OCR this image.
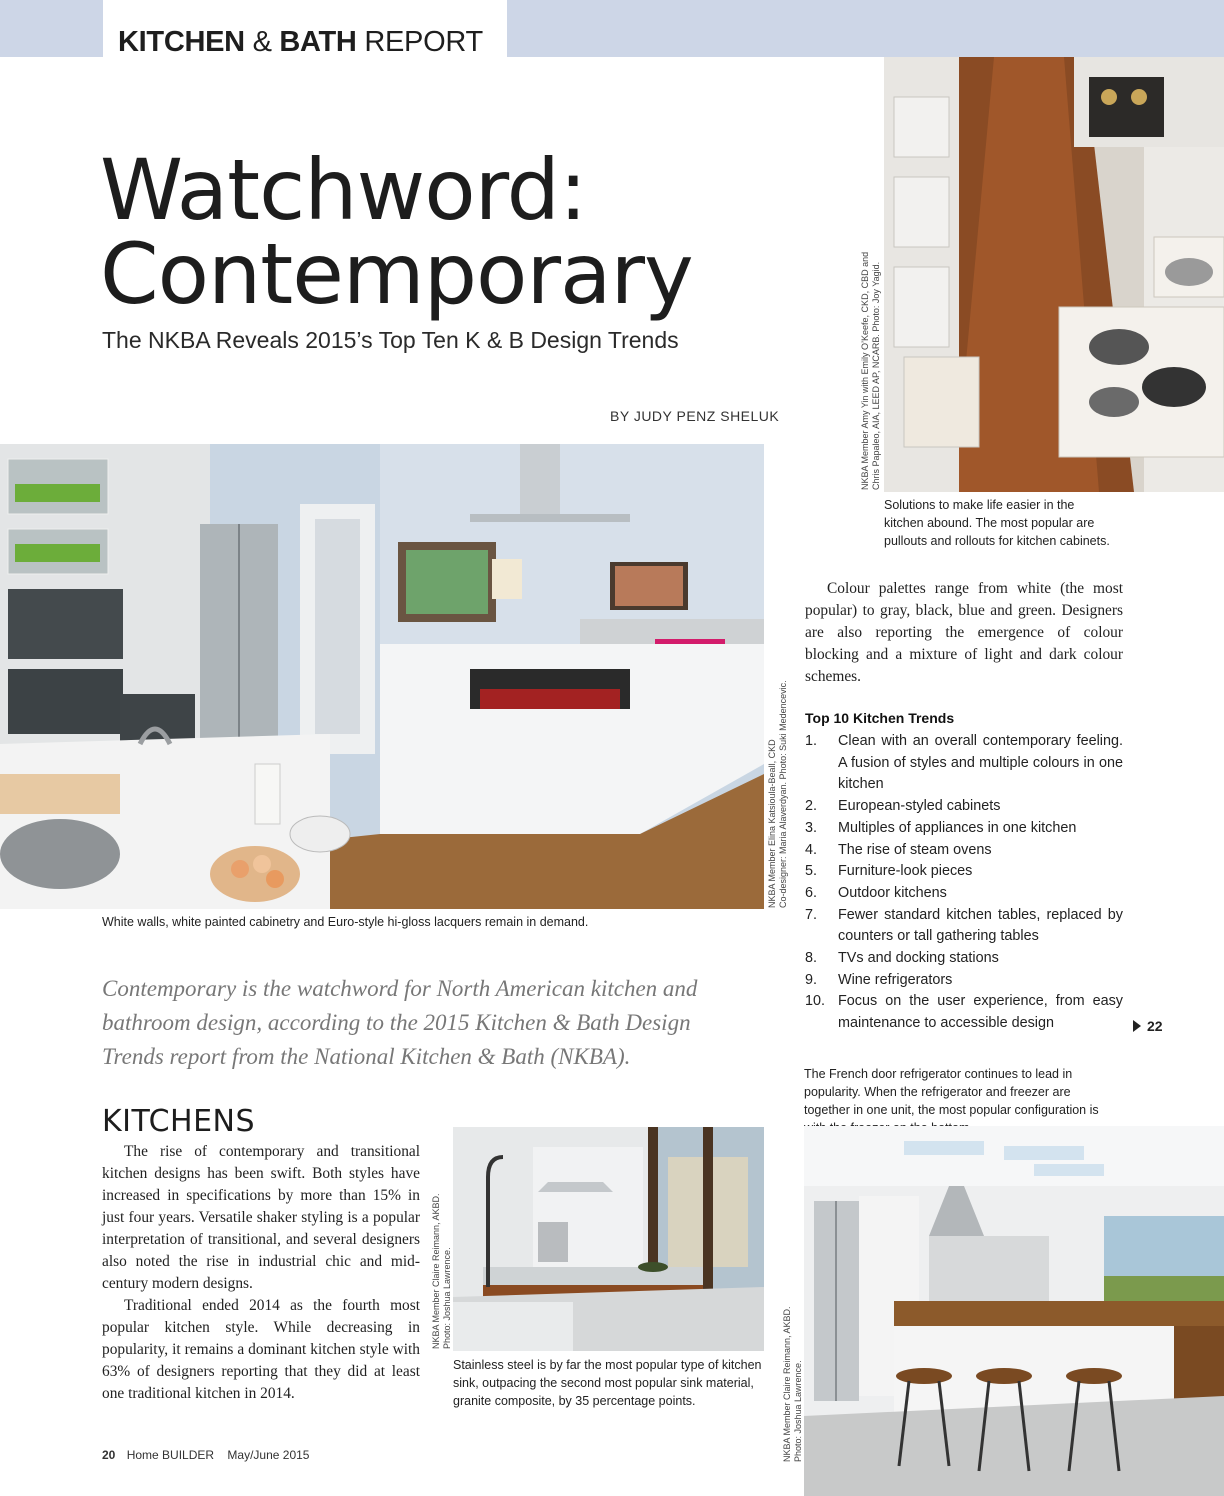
KITCHEN & BATH REPORT
Watchword:
Contemporary
The NKBA Reveals 2015’s Top Ten K & B Design Trends
BY JUDY PENZ SHELUK	NKBA Member Amy Yin with Emily O’Keefe, CKD, CBD and Chris Papaleo, AIA, LEED AP, NCARB. Photo: Joy Yagid.
Solutions to make life easier in the kitchen abound. The most popular are pullouts and rollouts for kitchen cabinets.
NKBA Member Elina Katsioula-Beall, CKD Co-designer: Maria Alaverdyan. Photo: Suki Medencevic.
White walls, white painted cabinetry and Euro-style hi-gloss lacquers remain in demand.
Contemporary is the watchword for North American kitchen and bathroom design, according to the 2015 Kitchen & Bath Design Trends report from the National Kitchen & Bath (NKBA).
KITCHENS

The rise of contemporary and transitional kitchen designs has been swift. Both styles have increased in specifications by more than 15% in just four years. Versatile shaker styling is a popular interpretation of transitional, and several designers also noted the rise in industrial chic and mid-century modern designs.

Traditional ended 2014 as the fourth most popular kitchen style. While decreasing in popularity, it remains a dominant kitchen style with 63% of designers reporting that they did at least one traditional kitchen in 2014.

NKBA Member Claire Reimann, AKBD. Photo: Joshua Lawrence.
Stainless steel is by far the most popular type of kitchen sink, outpacing the second most popular sink material, granite composite, by 35 percentage points.

Colour palettes range from white (the most popular) to gray, black, blue and green. Designers are also reporting the emergence of colour blocking and a mixture of light and dark colour schemes.

Top 10 Kitchen Trends
1.	Clean with an overall contemporary feeling. A fusion of styles and multiple colours in one kitchen
2.	European-styled cabinets
3.	Multiples of appliances in one kitchen
4.	The rise of steam ovens
5.	Furniture-look pieces
6.	Outdoor kitchens
7.	Fewer standard kitchen tables, replaced by counters or tall gathering tables
8.	TVs and docking stations
9.	Wine refrigerators
10. Focus on the user experience, from easy maintenance to accessible design	22
The French door refrigerator continues to lead in popularity. When the refrigerator and freezer are together in one unit, the most popular configuration is
NKBA Member Claire Reimann, AKBD. Photo: Joshua Lawrence.
20 Home BUILDER May/June 2015
